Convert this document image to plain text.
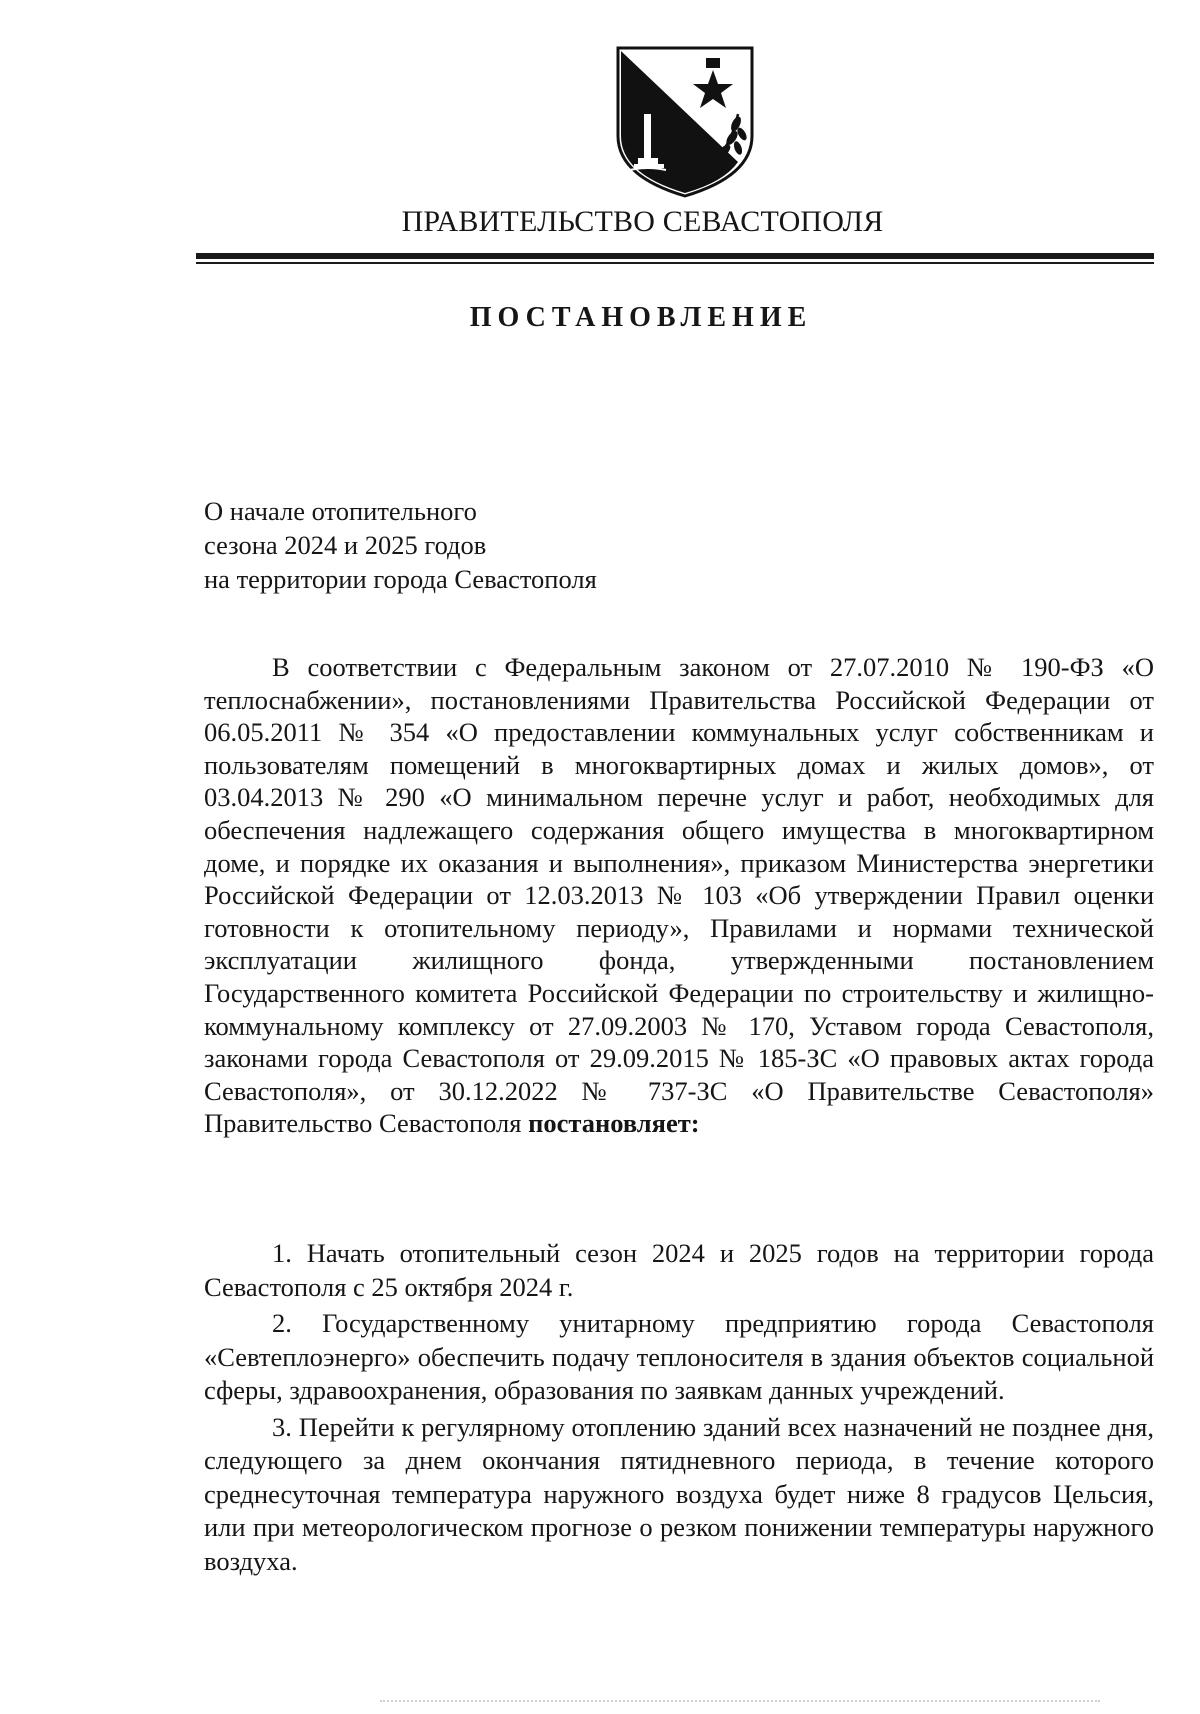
ПРАВИТЕЛЬСТВО СЕВАСТОПОЛЯ
ПОСТАНОВЛЕНИЕ
О начале отопительного
сезона 2024 и 2025 годов
на территории города Севастополя

В соответствии с Федеральным законом от 27.07.2010 № 190-ФЗ «О теплоснабжении», постановлениями Правительства Российской Федерации от 06.05.2011 № 354 «О предоставлении коммунальных услуг собственникам и пользователям помещений в многоквартирных домах и жилых домов», от 03.04.2013 № 290 «О минимальном перечне услуг и работ, необходимых для обеспечения надлежащего содержания общего имущества в многоквартирном доме, и порядке их оказания и выполнения», приказом Министерства энергетики Российской Федерации от 12.03.2013 № 103 «Об утверждении Правил оценки готовности к отопительному периоду», Правилами и нормами технической эксплуатации жилищного фонда, утвержденными постановлением Государственного комитета Российской Федерации по строительству и жилищно-коммунальному комплексу от 27.09.2003 № 170, Уставом города Севастополя, законами города Севастополя от 29.09.2015 № 185-ЗС «О правовых актах города Севастополя», от 30.12.2022 № 737-ЗС «О Правительстве Севастополя» Правительство Севастополя постановляет:

1. Начать отопительный сезон 2024 и 2025 годов на территории города Севастополя с 25 октября 2024 г.

2. Государственному унитарному предприятию города Севастополя «Севтеплоэнерго» обеспечить подачу теплоносителя в здания объектов социальной сферы, здравоохранения, образования по заявкам данных учреждений.

3. Перейти к регулярному отоплению зданий всех назначений не позднее дня, следующего за днем окончания пятидневного периода, в течение которого среднесуточная температура наружного воздуха будет ниже 8 градусов Цельсия, или при метеорологическом прогнозе о резком понижении температуры наружного воздуха.
